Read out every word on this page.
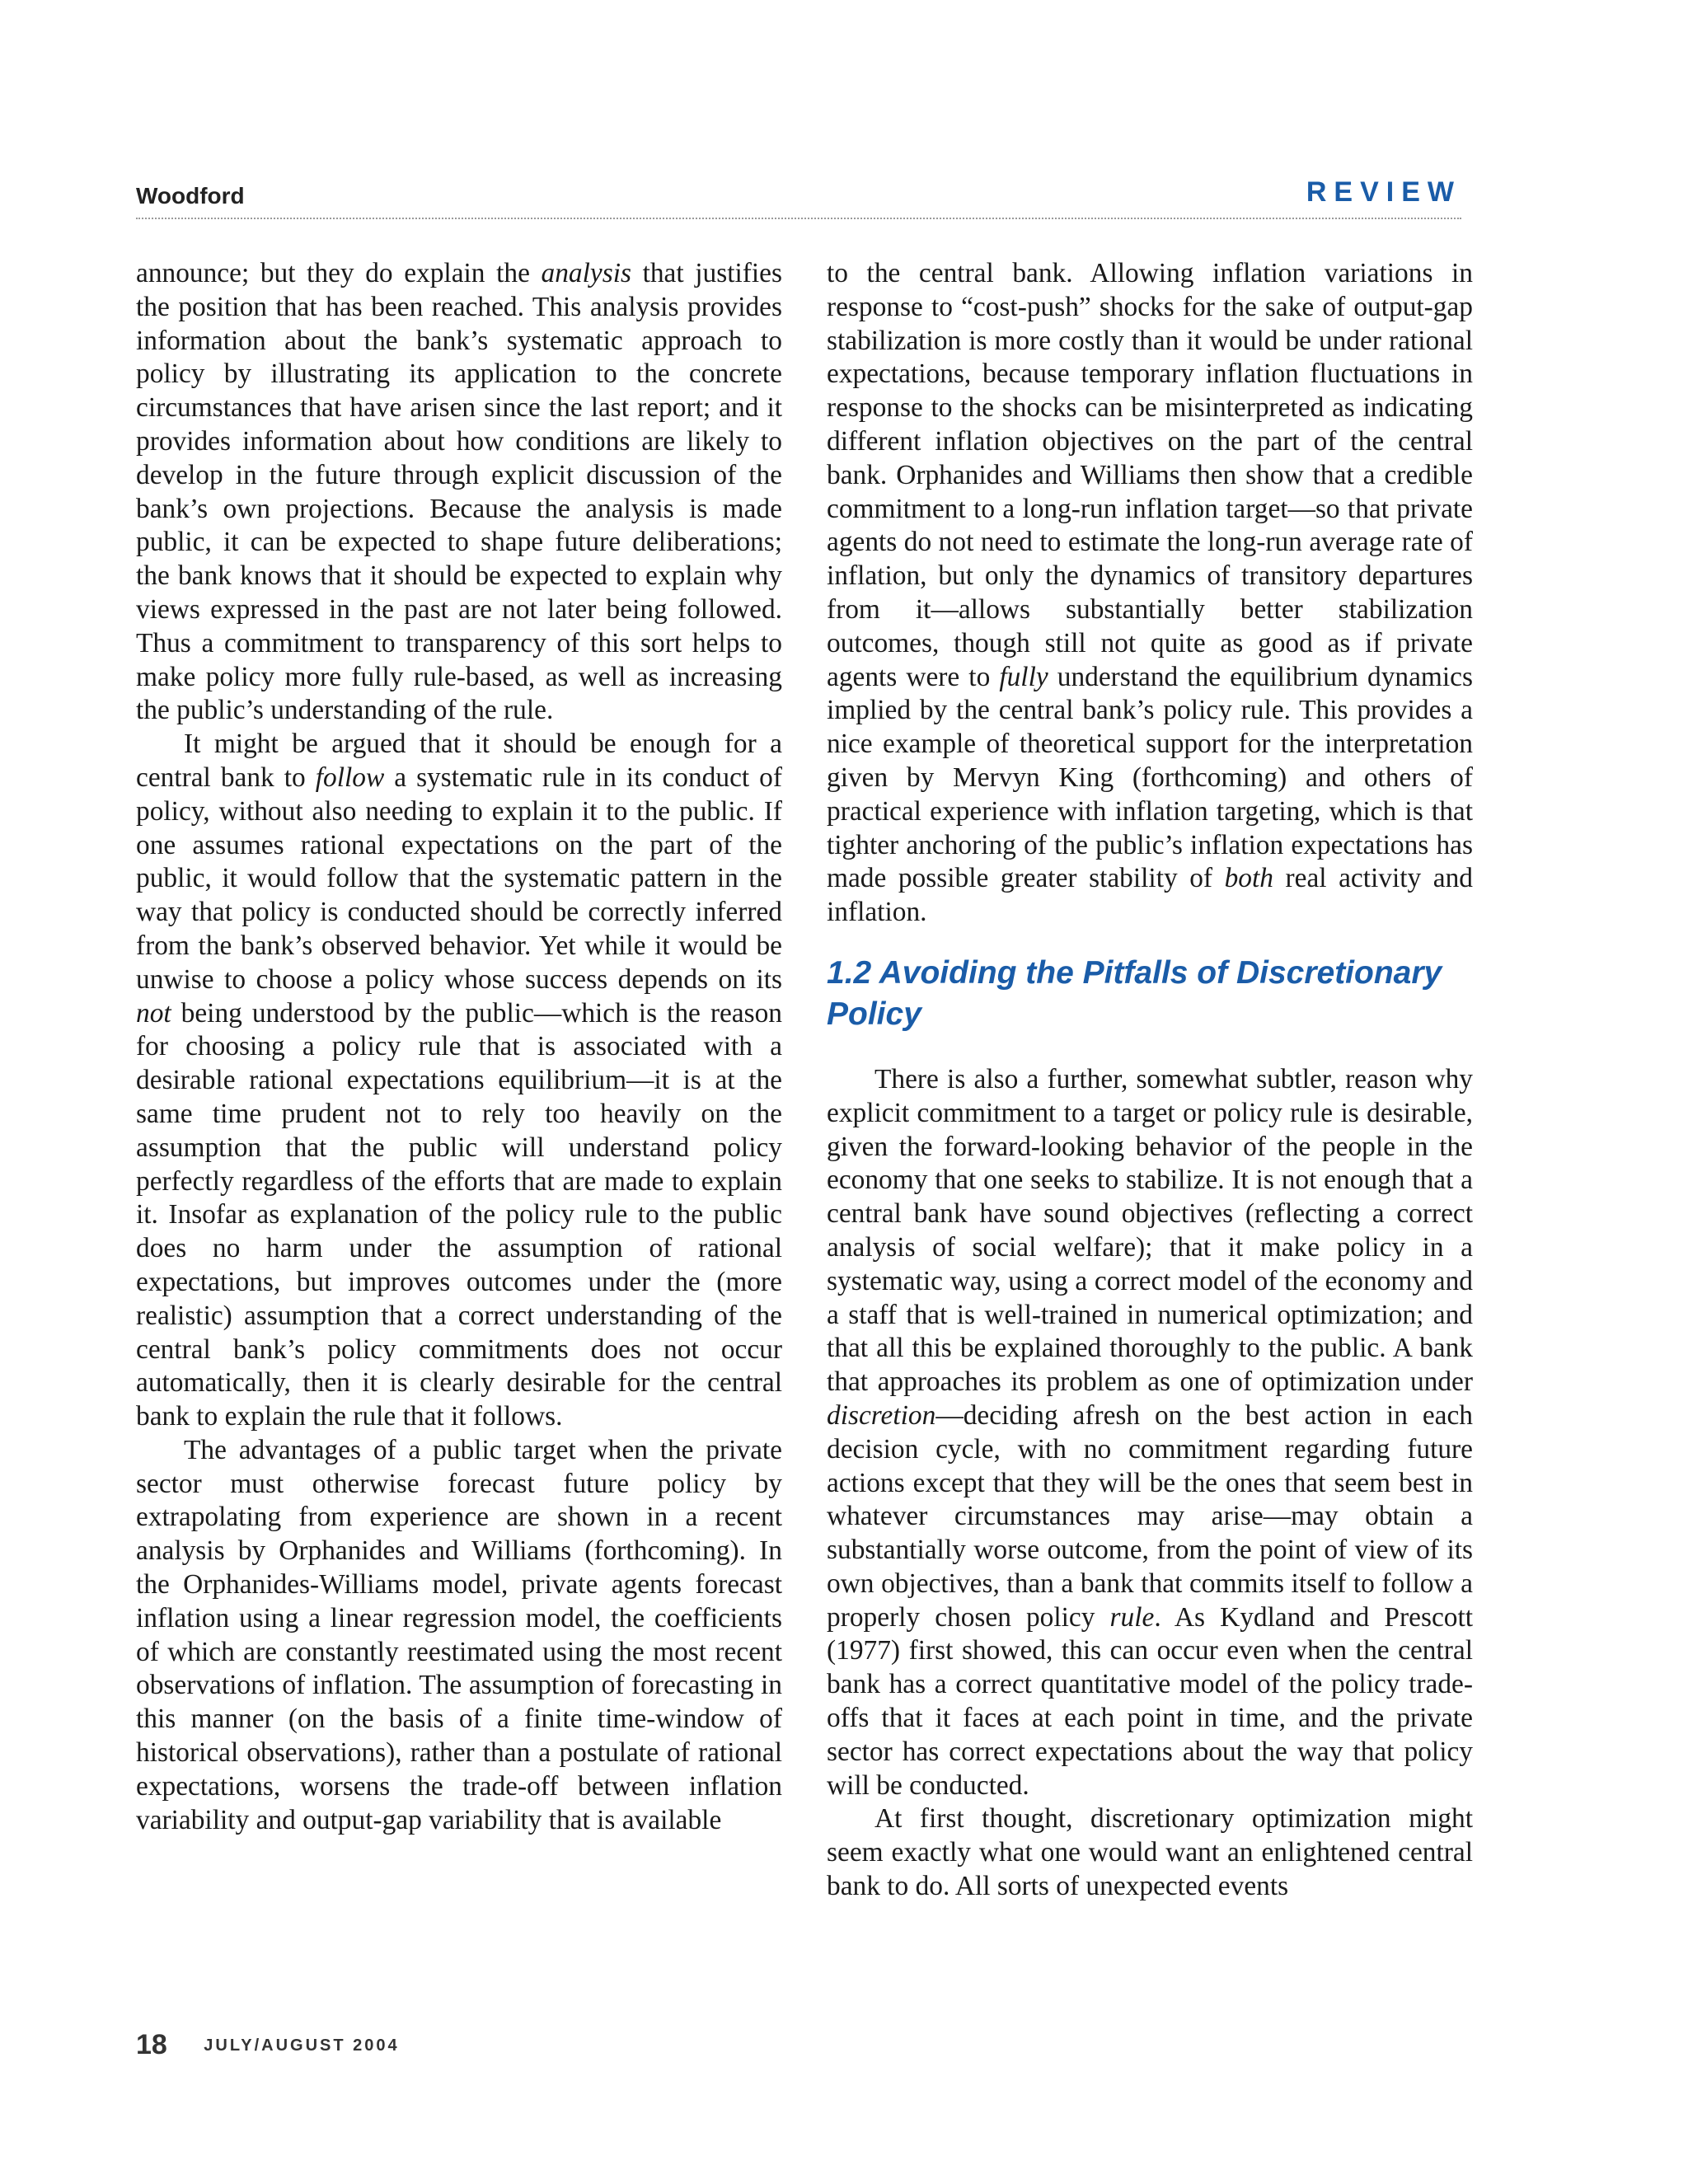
Woodford	REVIEW

announce; but they do explain the analysis that justifies the position that has been reached. This analysis provides information about the bank’s systematic approach to policy by illustrating its application to the concrete circumstances that have arisen since the last report; and it provides information about how conditions are likely to develop in the future through explicit discussion of the bank’s own projections. Because the analysis is made public, it can be expected to shape future deliberations; the bank knows that it should be expected to explain why views expressed in the past are not later being followed. Thus a commitment to transparency of this sort helps to make policy more fully rule-based, as well as increasing the public’s understanding of the rule.

It might be argued that it should be enough for a central bank to follow a systematic rule in its conduct of policy, without also needing to explain it to the public. If one assumes rational expectations on the part of the public, it would follow that the systematic pattern in the way that policy is conducted should be correctly inferred from the bank’s observed behavior. Yet while it would be unwise to choose a policy whose success depends on its not being understood by the public—which is the reason for choosing a policy rule that is associated with a desirable rational expectations equilibrium—it is at the same time prudent not to rely too heavily on the assumption that the public will understand policy perfectly regardless of the efforts that are made to explain it. Insofar as explanation of the policy rule to the public does no harm under the assumption of rational expectations, but improves outcomes under the (more realistic) assumption that a correct understanding of the central bank’s policy commitments does not occur automatically, then it is clearly desirable for the central bank to explain the rule that it follows.

The advantages of a public target when the private sector must otherwise forecast future policy by extrapolating from experience are shown in a recent analysis by Orphanides and Williams (forthcoming). In the Orphanides-Williams model, private agents forecast inflation using a linear regression model, the coefficients of which are constantly reestimated using the most recent observations of inflation. The assumption of forecasting in this manner (on the basis of a finite time-window of historical observations), rather than a postulate of rational expectations, worsens the trade-off between inflation variability and output-gap variability that is available

to the central bank. Allowing inflation variations in response to “cost-push” shocks for the sake of output-gap stabilization is more costly than it would be under rational expectations, because temporary inflation fluctuations in response to the shocks can be misinterpreted as indicating different inflation objectives on the part of the central bank. Orphanides and Williams then show that a credible commitment to a long-run inflation target—so that private agents do not need to estimate the long-run average rate of inflation, but only the dynamics of transitory departures from it—allows substantially better stabilization outcomes, though still not quite as good as if private agents were to fully understand the equilibrium dynamics implied by the central bank’s policy rule. This provides a nice example of theoretical support for the interpretation given by Mervyn King (forthcoming) and others of practical experience with inflation targeting, which is that tighter anchoring of the public’s inflation expectations has made possible greater stability of both real activity and inflation.

1.2 Avoiding the Pitfalls of Discretionary Policy

There is also a further, somewhat subtler, reason why explicit commitment to a target or policy rule is desirable, given the forward-looking behavior of the people in the economy that one seeks to stabilize. It is not enough that a central bank have sound objectives (reflecting a correct analysis of social welfare); that it make policy in a systematic way, using a correct model of the economy and a staff that is well-trained in numerical optimization; and that all this be explained thoroughly to the public. A bank that approaches its problem as one of optimization under discretion—deciding afresh on the best action in each decision cycle, with no commitment regarding future actions except that they will be the ones that seem best in whatever circumstances may arise—may obtain a substantially worse outcome, from the point of view of its own objectives, than a bank that commits itself to follow a properly chosen policy rule. As Kydland and Prescott (1977) first showed, this can occur even when the central bank has a correct quantitative model of the policy trade-offs that it faces at each point in time, and the private sector has correct expectations about the way that policy will be conducted.

At first thought, discretionary optimization might seem exactly what one would want an enlightened central bank to do. All sorts of unexpected events

18 JULY/AUGUST 2004
